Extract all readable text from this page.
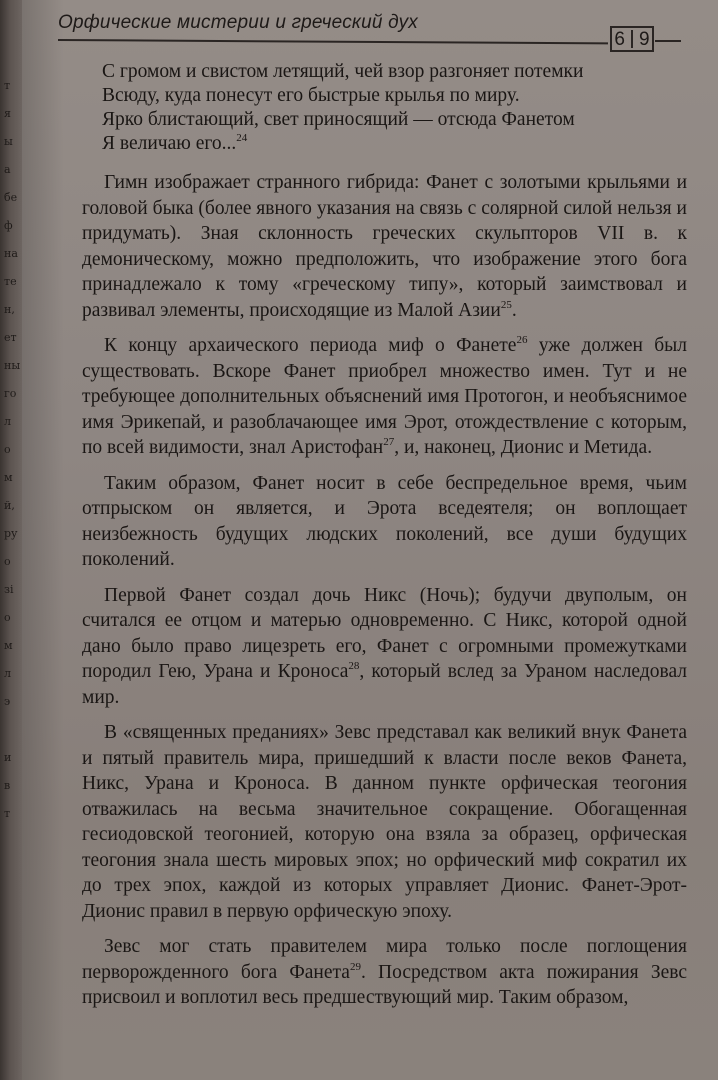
т
я
ы
а
бе
ф
на
те
н,
ет
ны
го
л
о
м
й,
ру
о
зі
о
м
л
э
и
в
т
Орфические мистерии и греческий дух
6 9
С громом и свистом летящий, чей взор разгоняет потемки
Всюду, куда понесут его быстрые крылья по миру.
Ярко блистающий, свет приносящий — отсюда Фанетом
Я величаю его...$^{24}$

Гимн изображает странного гибрида: Фанет с золотыми крыльями и головой быка (более явного указания на связь с солярной силой нельзя и придумать). Зная склонность греческих скульпторов VII в. к демоническому, можно предположить, что изображение этого бога принадлежало к тому «греческому типу», который заимствовал и развивал элементы, происходящие из Малой Азии$^{25}$.

К концу архаического периода миф о Фанете$^{26}$ уже должен был существовать. Вскоре Фанет приобрел множество имен. Тут и не требующее дополнительных объяснений имя Протогон, и необъяснимое имя Эрикепай, и разоблачающее имя Эрот, отождествление с которым, по всей видимости, знал Аристофан$^{27}$, и, наконец, Дионис и Метида.

Таким образом, Фанет носит в себе беспредельное время, чьим отпрыском он является, и Эрота вседеятеля; он воплощает неизбежность будущих людских поколений, все души будущих поколений.

Первой Фанет создал дочь Никс (Ночь); будучи двуполым, он считался ее отцом и матерью одновременно. С Никс, которой одной дано было право лицезреть его, Фанет с огромными промежутками породил Гею, Урана и Кроноса$^{28}$, который вслед за Ураном наследовал мир.

В «священных преданиях» Зевс представал как великий внук Фанета и пятый правитель мира, пришедший к власти после веков Фанета, Никс, Урана и Кроноса. В данном пункте орфическая теогония отважилась на весьма значительное сокращение. Обогащенная гесиодовской теогонией, которую она взяла за образец, орфическая теогония знала шесть мировых эпох; но орфический миф сократил их до трех эпох, каждой из которых управляет Дионис. Фанет-Эрот-Дионис правил в первую орфическую эпоху.

Зевс мог стать правителем мира только после поглощения перворожденного бога Фанета$^{29}$. Посредством акта пожирания Зевс присвоил и воплотил весь предшествующий мир. Таким образом,
